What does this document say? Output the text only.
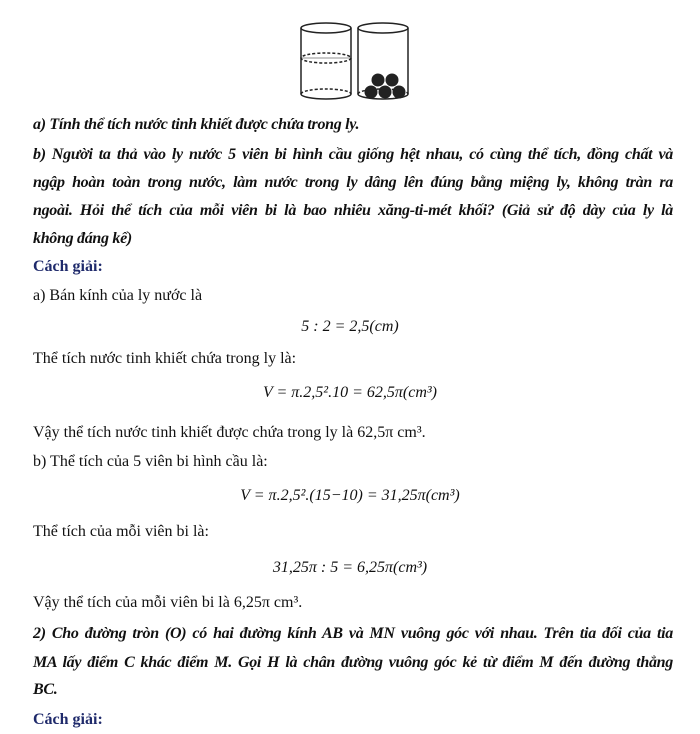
a) Tính thể tích nước tinh khiết được chứa trong ly.
b) Người ta thả vào ly nước 5 viên bi hình cầu giống hệt nhau, có cùng thể tích, đồng chất và
ngập hoàn toàn trong nước, làm nước trong ly dâng lên đúng bằng miệng ly, không tràn ra
ngoài. Hỏi thể tích của mỗi viên bi là bao nhiêu xăng-ti-mét khối? (Giả sử độ dày của ly là
không đáng kể)
Cách giải:
a) Bán kính của ly nước là
5 : 2 = 2,5(cm)
Thể tích nước tinh khiết chứa trong ly là:
V = π.2,5².10 = 62,5π(cm³)
Vậy thể tích nước tinh khiết được chứa trong ly là 62,5π cm³.
b) Thể tích của 5 viên bi hình cầu là:
V = π.2,5².(15−10) = 31,25π(cm³)
Thể tích của mỗi viên bi là:
31,25π : 5 = 6,25π(cm³)
Vậy thể tích của mỗi viên bi là 6,25π cm³.
2) Cho đường tròn (O) có hai đường kính AB và MN vuông góc với nhau. Trên tia đối của tia
MA lấy điểm C khác điểm M. Gọi H là chân đường vuông góc kẻ từ điểm M đến đường thẳng
BC.
Cách giải:
